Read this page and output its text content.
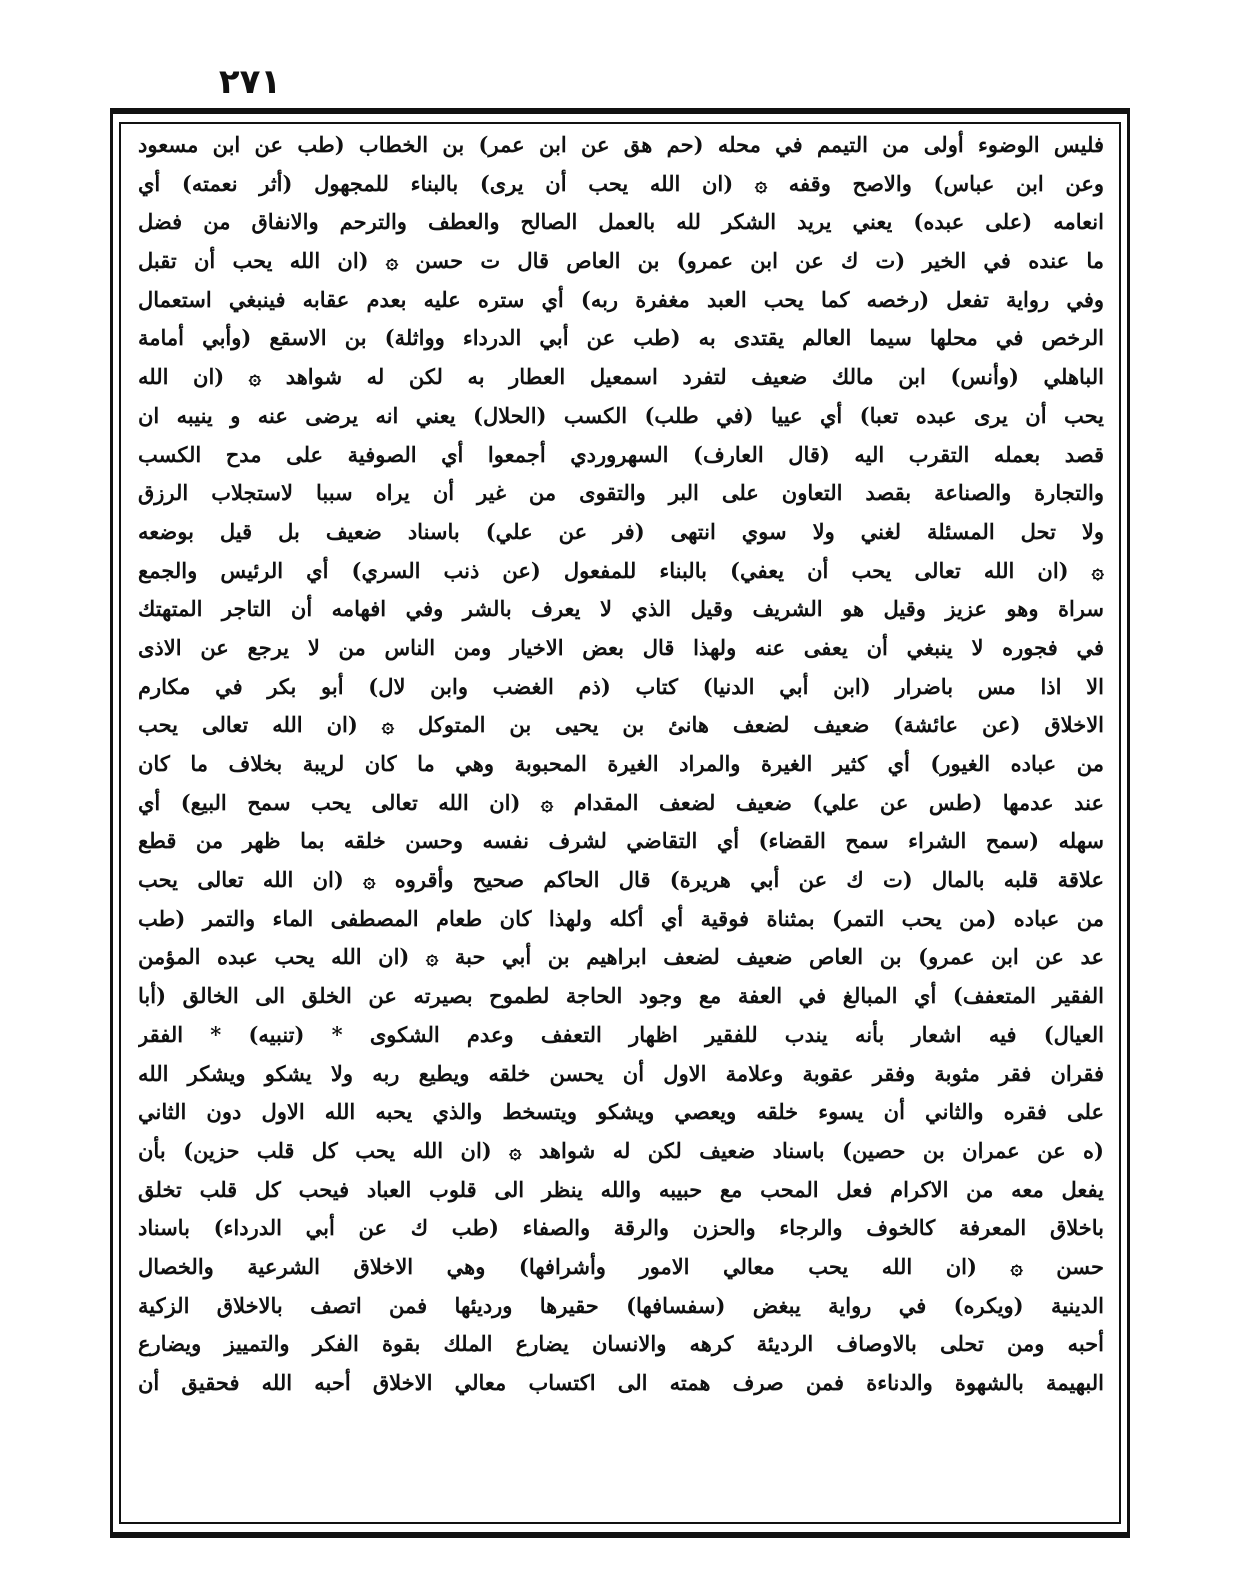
٢٧١
فليس الوضوء أولى من التيمم في محله (حم هق عن ابن عمر) بن الخطاب (طب عن ابن مسعود
وعن ابن عباس) والاصح وقفه ۞ (ان الله يحب أن يرى) بالبناء للمجهول (أثر نعمته) أي
انعامه (على عبده) يعني يريد الشكر لله بالعمل الصالح والعطف والترحم والانفاق من فضل
ما عنده في الخير (ت ك عن ابن عمرو) بن العاص قال ت حسن ۞ (ان الله يحب أن تقبل
وفي رواية تفعل (رخصه كما يحب العبد مغفرة ربه) أي ستره عليه بعدم عقابه فينبغي استعمال
الرخص في محلها سيما العالم يقتدى به (طب عن أبي الدرداء وواثلة) بن الاسقع (وأبي أمامة
الباهلي (وأنس) ابن مالك ضعيف لتفرد اسمعيل العطار به لكن له شواهد ۞ (ان الله
يحب أن يرى عبده تعبا) أي عييا (في طلب) الكسب (الحلال) يعني انه يرضى عنه و ينيبه ان
قصد بعمله التقرب اليه (قال العارف) السهروردي أجمعوا أي الصوفية على مدح الكسب
والتجارة والصناعة بقصد التعاون على البر والتقوى من غير أن يراه سببا لاستجلاب الرزق
ولا تحل المسئلة لغني ولا سوي انتهى (فر عن علي) باسناد ضعيف بل قيل بوضعه
۞ (ان الله تعالى يحب أن يعفي) بالبناء للمفعول (عن ذنب السري) أي الرئيس والجمع
سراة وهو عزيز وقيل هو الشريف وقيل الذي لا يعرف بالشر وفي افهامه أن التاجر المتهتك
في فجوره لا ينبغي أن يعفى عنه ولهذا قال بعض الاخيار ومن الناس من لا يرجع عن الاذى
الا اذا مس باضرار (ابن أبي الدنيا) كتاب (ذم الغضب وابن لال) أبو بكر في مكارم
الاخلاق (عن عائشة) ضعيف لضعف هانئ بن يحيى بن المتوكل ۞ (ان الله تعالى يحب
من عباده الغيور) أي كثير الغيرة والمراد الغيرة المحبوبة وهي ما كان لريبة بخلاف ما كان
عند عدمها (طس عن علي) ضعيف لضعف المقدام ۞ (ان الله تعالى يحب سمح البيع) أي
سهله (سمح الشراء سمح القضاء) أي التقاضي لشرف نفسه وحسن خلقه بما ظهر من قطع
علاقة قلبه بالمال (ت ك عن أبي هريرة) قال الحاكم صحيح وأقروه ۞ (ان الله تعالى يحب
من عباده (من يحب التمر) بمثناة فوقية أي أكله ولهذا كان طعام المصطفى الماء والتمر (طب
عد عن ابن عمرو) بن العاص ضعيف لضعف ابراهيم بن أبي حبة ۞ (ان الله يحب عبده المؤمن
الفقير المتعفف) أي المبالغ في العفة مع وجود الحاجة لطموح بصيرته عن الخلق الى الخالق (أبا
العيال) فيه اشعار بأنه يندب للفقير اظهار التعفف وعدم الشكوى * (تنبيه) * الفقر
فقران فقر مثوبة وفقر عقوبة وعلامة الاول أن يحسن خلقه ويطيع ربه ولا يشكو ويشكر الله
على فقره والثاني أن يسوء خلقه ويعصي ويشكو ويتسخط والذي يحبه الله الاول دون الثاني
(ه عن عمران بن حصين) باسناد ضعيف لكن له شواهد ۞ (ان الله يحب كل قلب حزين) بأن
يفعل معه من الاكرام فعل المحب مع حبيبه والله ينظر الى قلوب العباد فيحب كل قلب تخلق
باخلاق المعرفة كالخوف والرجاء والحزن والرقة والصفاء (طب ك عن أبي الدرداء) باسناد
حسن ۞ (ان الله يحب معالي الامور وأشرافها) وهي الاخلاق الشرعية والخصال
الدينية (ويكره) في رواية يبغض (سفسافها) حقيرها ورديئها فمن اتصف بالاخلاق الزكية
أحبه ومن تحلى بالاوصاف الرديئة كرهه والانسان يضارع الملك بقوة الفكر والتمييز ويضارع
البهيمة بالشهوة والدناءة فمن صرف همته الى اكتساب معالي الاخلاق أحبه الله فحقيق أن
